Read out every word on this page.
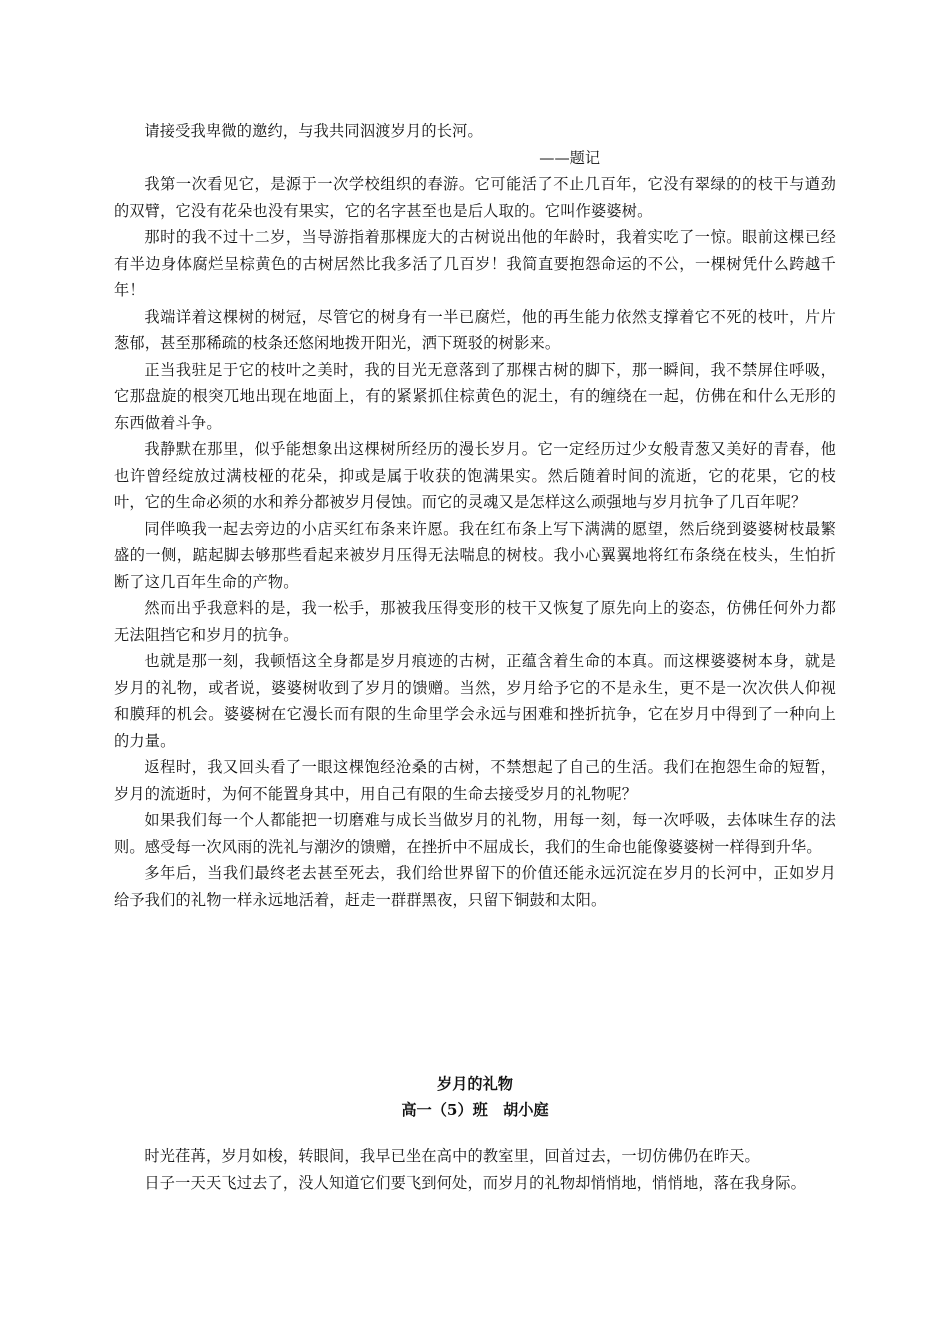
请接受我卑微的邀约，与我共同泅渡岁月的长河。

——题记

我第一次看见它，是源于一次学校组织的春游。它可能活了不止几百年，它没有翠绿的的枝干与遒劲的双臂，它没有花朵也没有果实，它的名字甚至也是后人取的。它叫作婆婆树。

那时的我不过十二岁，当导游指着那棵庞大的古树说出他的年龄时，我着实吃了一惊。眼前这棵已经有半边身体腐烂呈棕黄色的古树居然比我多活了几百岁！我简直要抱怨命运的不公，一棵树凭什么跨越千年！

我端详着这棵树的树冠，尽管它的树身有一半已腐烂，他的再生能力依然支撑着它不死的枝叶，片片葱郁，甚至那稀疏的枝条还悠闲地拨开阳光，洒下斑驳的树影来。

正当我驻足于它的枝叶之美时，我的目光无意落到了那棵古树的脚下，那一瞬间，我不禁屏住呼吸，它那盘旋的根突兀地出现在地面上，有的紧紧抓住棕黄色的泥土，有的缠绕在一起，仿佛在和什么无形的东西做着斗争。

我静默在那里，似乎能想象出这棵树所经历的漫长岁月。它一定经历过少女般青葱又美好的青春，他也许曾经绽放过满枝桠的花朵，抑或是属于收获的饱满果实。然后随着时间的流逝，它的花果，它的枝叶，它的生命必须的水和养分都被岁月侵蚀。而它的灵魂又是怎样这么顽强地与岁月抗争了几百年呢？

同伴唤我一起去旁边的小店买红布条来许愿。我在红布条上写下满满的愿望，然后绕到婆婆树枝最繁盛的一侧，踮起脚去够那些看起来被岁月压得无法喘息的树枝。我小心翼翼地将红布条绕在枝头，生怕折断了这几百年生命的产物。

然而出乎我意料的是，我一松手，那被我压得变形的枝干又恢复了原先向上的姿态，仿佛任何外力都无法阻挡它和岁月的抗争。

也就是那一刻，我顿悟这全身都是岁月痕迹的古树，正蕴含着生命的本真。而这棵婆婆树本身，就是岁月的礼物，或者说，婆婆树收到了岁月的馈赠。当然，岁月给予它的不是永生，更不是一次次供人仰视和膜拜的机会。婆婆树在它漫长而有限的生命里学会永远与困难和挫折抗争，它在岁月中得到了一种向上的力量。

返程时，我又回头看了一眼这棵饱经沧桑的古树，不禁想起了自己的生活。我们在抱怨生命的短暂，岁月的流逝时，为何不能置身其中，用自己有限的生命去接受岁月的礼物呢？

如果我们每一个人都能把一切磨难与成长当做岁月的礼物，用每一刻，每一次呼吸，去体味生存的法则。感受每一次风雨的洗礼与潮汐的馈赠，在挫折中不屈成长，我们的生命也能像婆婆树一样得到升华。

多年后，当我们最终老去甚至死去，我们给世界留下的价值还能永远沉淀在岁月的长河中，正如岁月给予我们的礼物一样永远地活着，赶走一群群黑夜，只留下铜鼓和太阳。

岁月的礼物

高一（5）班　胡小庭

时光荏苒，岁月如梭，转眼间，我早已坐在高中的教室里，回首过去，一切仿佛仍在昨天。

日子一天天飞过去了，没人知道它们要飞到何处，而岁月的礼物却悄悄地，悄悄地，落在我身际。
